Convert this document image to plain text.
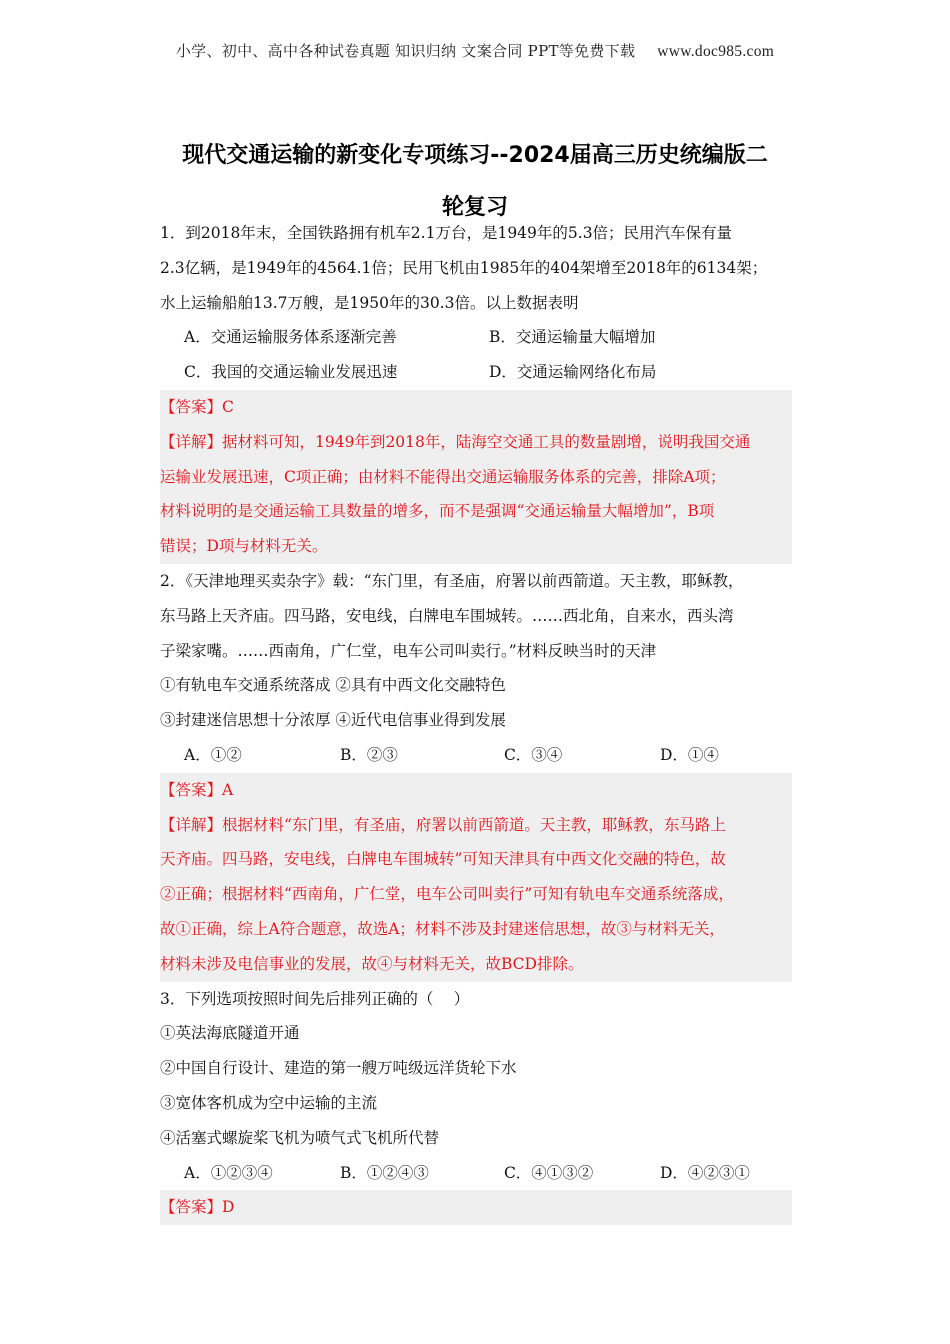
小学、初中、高中各种试卷真题 知识归纳 文案合同 PPT等免费下载 www.doc985.com
现代交通运输的新变化专项练习--2024届高三历史统编版二
轮复习
1．到2018年末，全国铁路拥有机车2.1万台，是1949年的5.3倍；民用汽车保有量
2.3亿辆，是1949年的4564.1倍；民用飞机由1985年的404架增至2018年的6134架；
水上运输船舶13.7万艘，是1950年的30.3倍。以上数据表明
A．交通运输服务体系逐渐完善	B．交通运输量大幅增加
C．我国的交通运输业发展迅速	D．交通运输网络化布局
【答案】C
【详解】据材料可知，1949年到2018年，陆海空交通工具的数量剧增，说明我国交通
运输业发展迅速，C项正确；由材料不能得出交通运输服务体系的完善，排除A项；
材料说明的是交通运输工具数量的增多，而不是强调“交通运输量大幅增加”，B项
错误；D项与材料无关。
2．《天津地理买卖杂字》载：“东门里，有圣庙，府署以前西箭道。天主教，耶稣教，
东马路上天齐庙。四马路，安电线，白牌电车围城转。……西北角，自来水，西头湾
子梁家嘴。……西南角，广仁堂，电车公司叫卖行。”材料反映当时的天津
①有轨电车交通系统落成 ②具有中西文化交融特色
③封建迷信思想十分浓厚 ④近代电信事业得到发展
A．①②	B．②③	C．③④	D．①④
【答案】A
【详解】根据材料“东门里，有圣庙，府署以前西箭道。天主教，耶稣教，东马路上
天齐庙。四马路，安电线，白牌电车围城转”可知天津具有中西文化交融的特色，故
②正确；根据材料“西南角，广仁堂，电车公司叫卖行”可知有轨电车交通系统落成，
故①正确，综上A符合题意，故选A；材料不涉及封建迷信思想，故③与材料无关，
材料未涉及电信事业的发展，故④与材料无关，故BCD排除。
3．下列选项按照时间先后排列正确的（　 ）
①英法海底隧道开通
②中国自行设计、建造的第一艘万吨级远洋货轮下水
③宽体客机成为空中运输的主流
④活塞式螺旋桨飞机为喷气式飞机所代替
A．①②③④	B．①②④③	C．④①③②	D．④②③①
【答案】D
